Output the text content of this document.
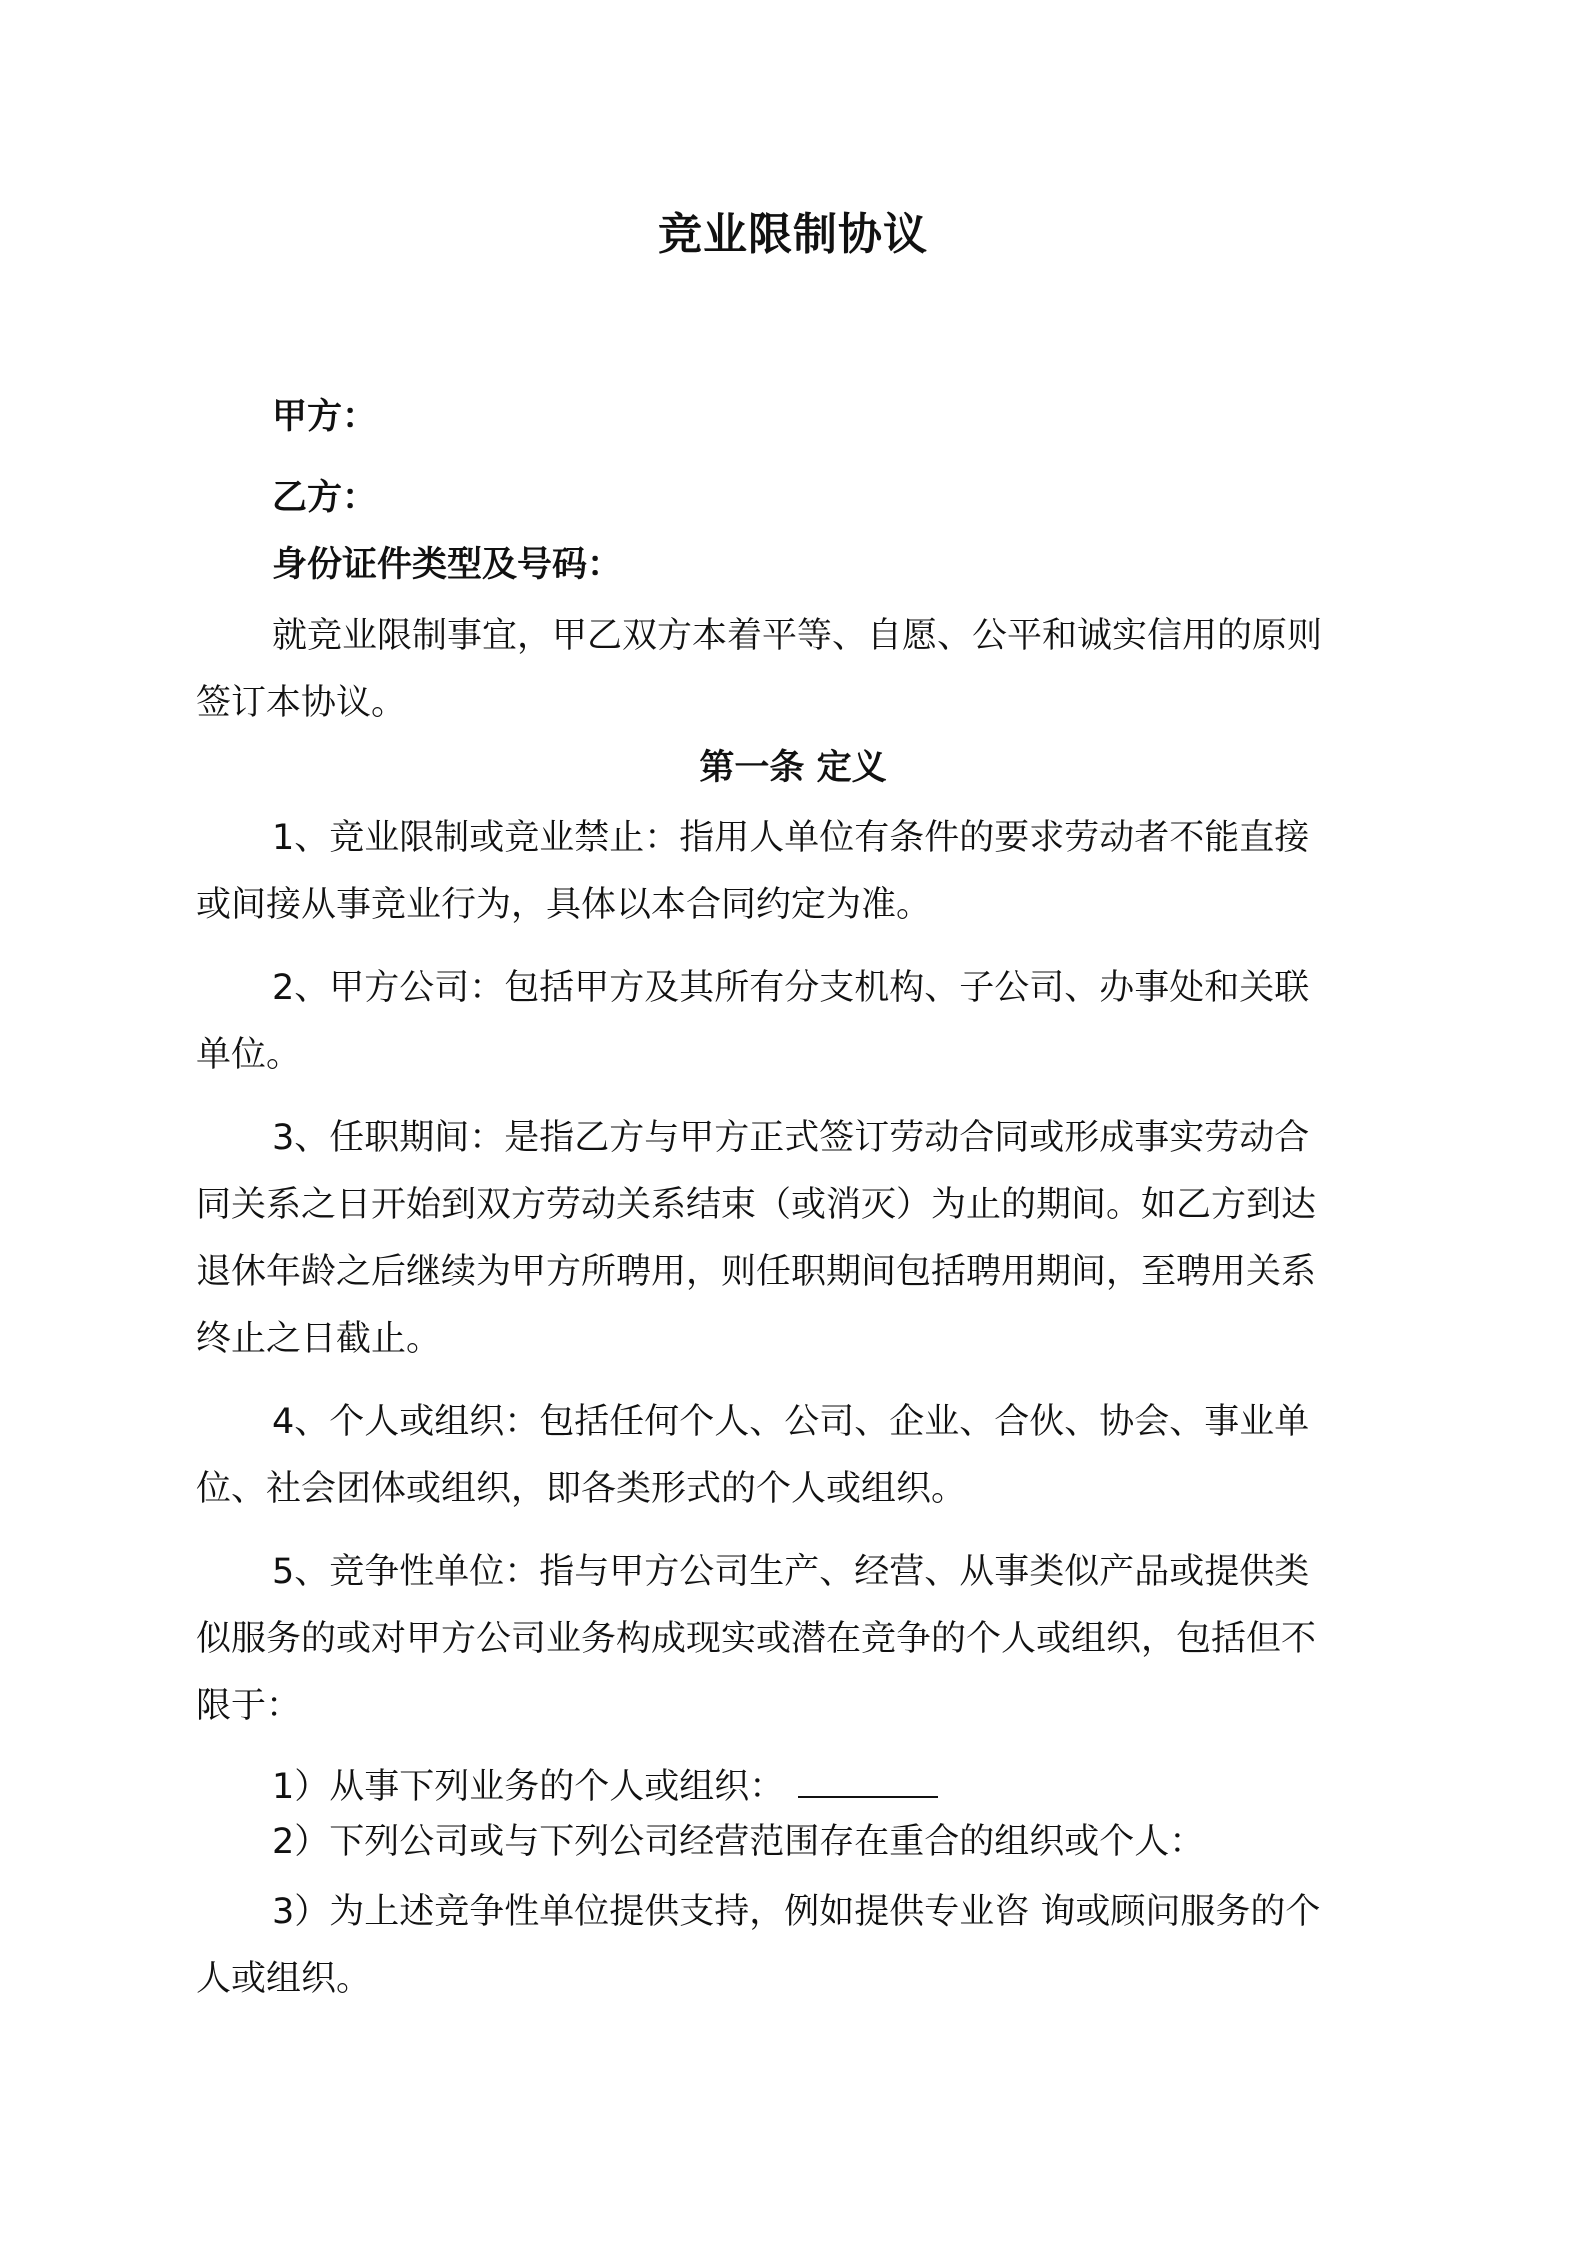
竞业限制协议
甲方：
乙方：
身份证件类型及号码：
就竞业限制事宜，甲乙双方本着平等、自愿、公平和诚实信用的原则
签订本协议。
第一条 定义
1、竞业限制或竞业禁止：指用人单位有条件的要求劳动者不能直接
或间接从事竞业行为，具体以本合同约定为准。
2、甲方公司：包括甲方及其所有分支机构、子公司、办事处和关联
单位。
3、任职期间：是指乙方与甲方正式签订劳动合同或形成事实劳动合
同关系之日开始到双方劳动关系结束（或消灭）为止的期间。如乙方到达
退休年龄之后继续为甲方所聘用，则任职期间包括聘用期间，至聘用关系
终止之日截止。
4、个人或组织：包括任何个人、公司、企业、合伙、协会、事业单
位、社会团体或组织，即各类形式的个人或组织。
5、竞争性单位：指与甲方公司生产、经营、从事类似产品或提供类
似服务的或对甲方公司业务构成现实或潜在竞争的个人或组织，包括但不
限于：
1）从事下列业务的个人或组织：
2）下列公司或与下列公司经营范围存在重合的组织或个人：
3）为上述竞争性单位提供支持，例如提供专业咨 询或顾问服务的个
人或组织。
